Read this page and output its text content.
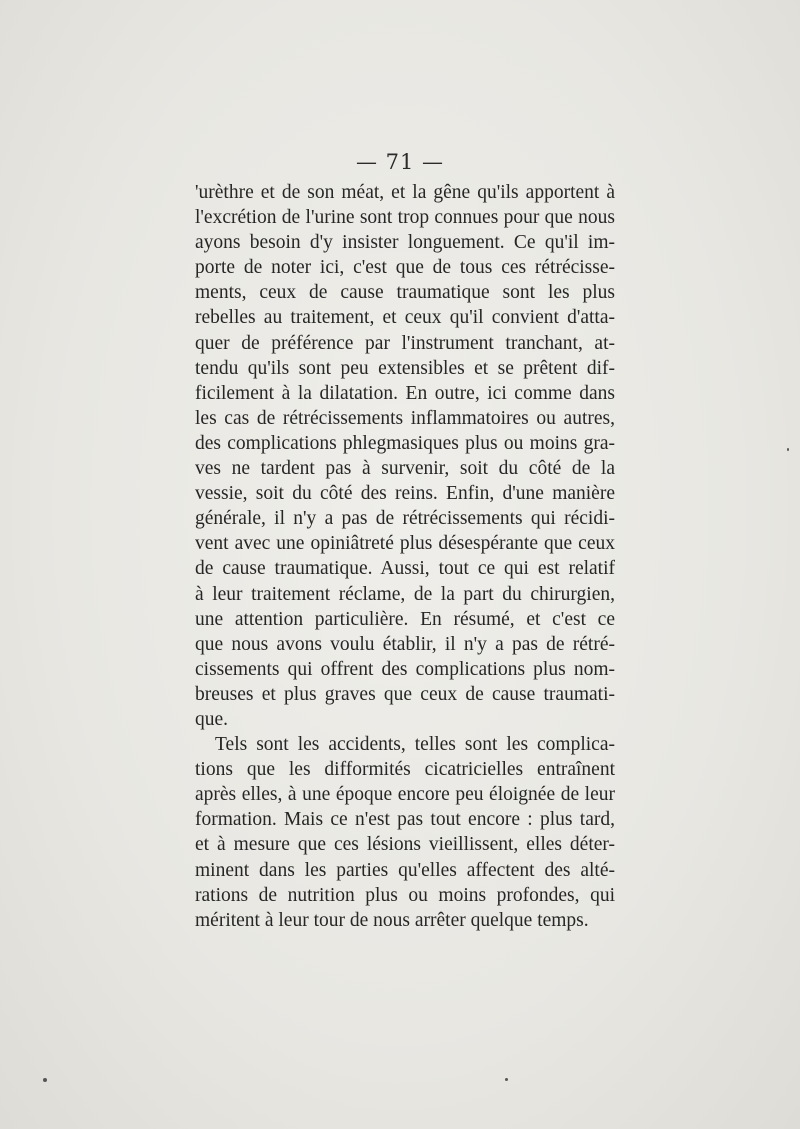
— 71 —
'urèthre et de son méat, et la gêne qu'ils apportent à
l'excrétion de l'urine sont trop connues pour que nous
ayons besoin d'y insister longuement. Ce qu'il im-
porte de noter ici, c'est que de tous ces rétrécisse-
ments, ceux de cause traumatique sont les plus
rebelles au traitement, et ceux qu'il convient d'atta-
quer de préférence par l'instrument tranchant, at-
tendu qu'ils sont peu extensibles et se prêtent dif-
ficilement à la dilatation. En outre, ici comme dans
les cas de rétrécissements inflammatoires ou autres,
des complications phlegmasiques plus ou moins gra-
ves ne tardent pas à survenir, soit du côté de la
vessie, soit du côté des reins. Enfin, d'une manière
générale, il n'y a pas de rétrécissements qui récidi-
vent avec une opiniâtreté plus désespérante que ceux
de cause traumatique. Aussi, tout ce qui est relatif
à leur traitement réclame, de la part du chirurgien,
une attention particulière. En résumé, et c'est ce
que nous avons voulu établir, il n'y a pas de rétré-
cissements qui offrent des complications plus nom-
breuses et plus graves que ceux de cause traumati-
que.
Tels sont les accidents, telles sont les complica-
tions que les difformités cicatricielles entraînent
après elles, à une époque encore peu éloignée de leur
formation. Mais ce n'est pas tout encore : plus tard,
et à mesure que ces lésions vieillissent, elles déter-
minent dans les parties qu'elles affectent des alté-
rations de nutrition plus ou moins profondes, qui
méritent à leur tour de nous arrêter quelque temps.
